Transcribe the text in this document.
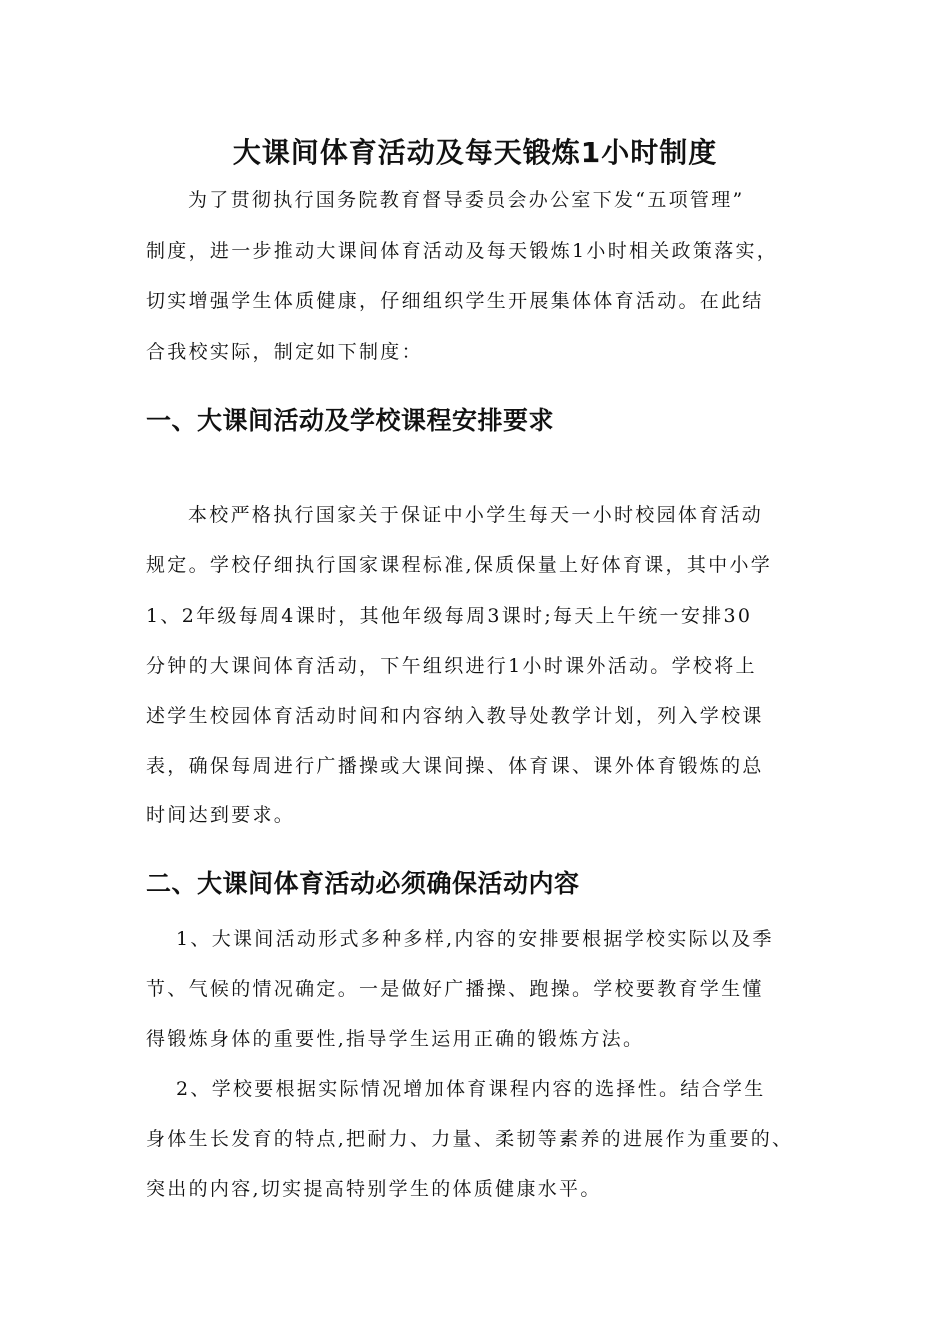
大课间体育活动及每天锻炼1小时制度
为了贯彻执行国务院教育督导委员会办公室下发“五项管理”
制度，进一步推动大课间体育活动及每天锻炼1小时相关政策落实，
切实增强学生体质健康，仔细组织学生开展集体体育活动。在此结
合我校实际，制定如下制度：
一、大课间活动及学校课程安排要求
本校严格执行国家关于保证中小学生每天一小时校园体育活动
规定。学校仔细执行国家课程标准,保质保量上好体育课，其中小学
1、2年级每周4课时，其他年级每周3课时;每天上午统一安排30
分钟的大课间体育活动，下午组织进行1小时课外活动。学校将上
述学生校园体育活动时间和内容纳入教导处教学计划，列入学校课
表，确保每周进行广播操或大课间操、体育课、课外体育锻炼的总
时间达到要求。
二、大课间体育活动必须确保活动内容
1、大课间活动形式多种多样,内容的安排要根据学校实际以及季
节、气候的情况确定。一是做好广播操、跑操。学校要教育学生懂
得锻炼身体的重要性,指导学生运用正确的锻炼方法。
2、学校要根据实际情况增加体育课程内容的选择性。结合学生
身体生长发育的特点,把耐力、力量、柔韧等素养的进展作为重要的、
突出的内容,切实提高特别学生的体质健康水平。
